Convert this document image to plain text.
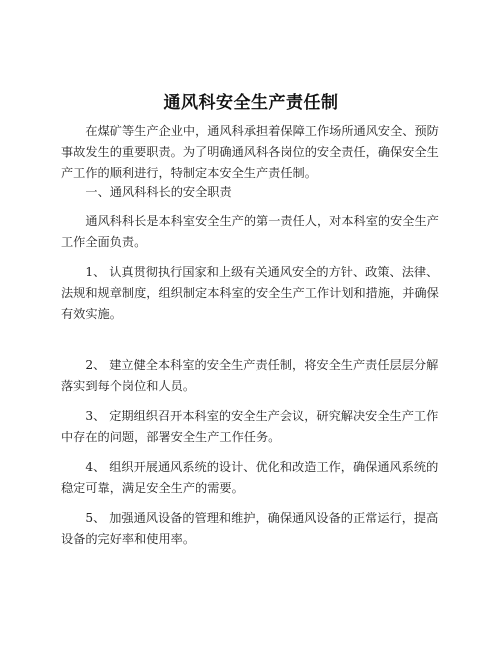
通风科安全生产责任制

在煤矿等生产企业中，通风科承担着保障工作场所通风安全、预防事故发生的重要职责。为了明确通风科各岗位的安全责任，确保安全生产工作的顺利进行，特制定本安全生产责任制。

一、通风科科长的安全职责

通风科科长是本科室安全生产的第一责任人，对本科室的安全生产工作全面负责。

1、 认真贯彻执行国家和上级有关通风安全的方针、政策、法律、法规和规章制度，组织制定本科室的安全生产工作计划和措施，并确保有效实施。

2、 建立健全本科室的安全生产责任制，将安全生产责任层层分解落实到每个岗位和人员。

3、 定期组织召开本科室的安全生产会议，研究解决安全生产工作中存在的问题，部署安全生产工作任务。

4、 组织开展通风系统的设计、优化和改造工作，确保通风系统的稳定可靠，满足安全生产的需要。

5、 加强通风设备的管理和维护，确保通风设备的正常运行，提高设备的完好率和使用率。
